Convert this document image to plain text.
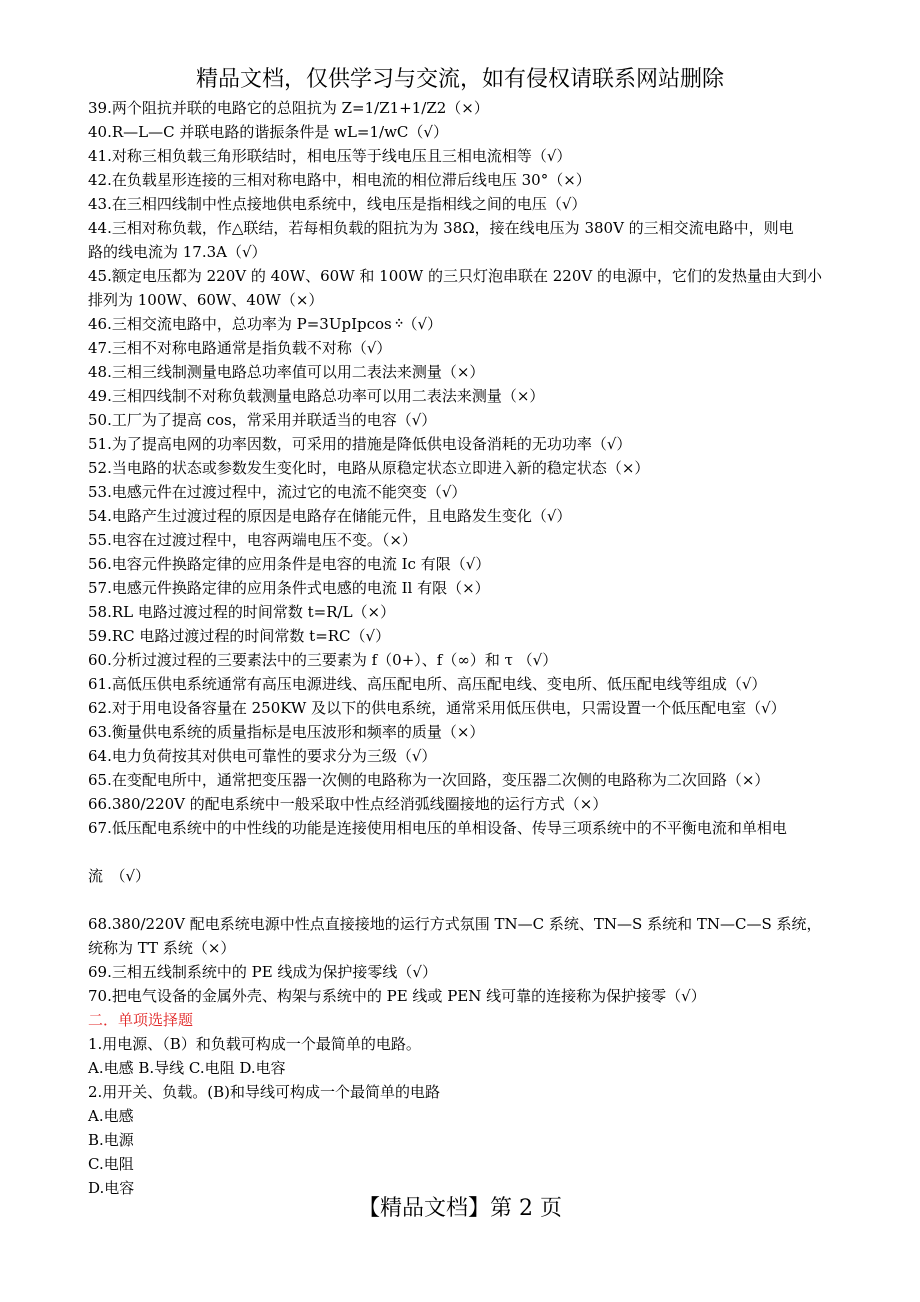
精品文档，仅供学习与交流，如有侵权请联系网站删除
39.两个阻抗并联的电路它的总阻抗为 Z=1/Z1+1/Z2（×）
40.R—L—C 并联电路的谐振条件是 wL=1/wC（√）
41.对称三相负载三角形联结时，相电压等于线电压且三相电流相等（√）
42.在负载星形连接的三相对称电路中，相电流的相位滞后线电压 30°（×）
43.在三相四线制中性点接地供电系统中，线电压是指相线之间的电压（√）
44.三相对称负载，作△联结，若每相负载的阻抗为为 38Ω，接在线电压为 380V 的三相交流电路中，则电
路的线电流为 17.3A（√）
45.额定电压都为 220V 的 40W、60W 和 100W 的三只灯泡串联在 220V 的电源中，它们的发热量由大到小
排列为 100W、60W、40W（×）
46.三相交流电路中，总功率为 P=3UpIpcos᠅（√）
47.三相不对称电路通常是指负载不对称（√）
48.三相三线制测量电路总功率值可以用二表法来测量（×）
49.三相四线制不对称负载测量电路总功率可以用二表法来测量（×）
50.工厂为了提高 cos，常采用并联适当的电容（√）
51.为了提高电网的功率因数，可采用的措施是降低供电设备消耗的无功功率（√）
52.当电路的状态或参数发生变化时，电路从原稳定状态立即进入新的稳定状态（×）
53.电感元件在过渡过程中，流过它的电流不能突变（√）
54.电路产生过渡过程的原因是电路存在储能元件，且电路发生变化（√）
55.电容在过渡过程中，电容两端电压不变。（×）
56.电容元件换路定律的应用条件是电容的电流 Ic 有限（√）
57.电感元件换路定律的应用条件式电感的电流 Il 有限（×）
58.RL 电路过渡过程的时间常数 t=R/L（×）
59.RC 电路过渡过程的时间常数 t=RC（√）
60.分析过渡过程的三要素法中的三要素为 f（0+）、f（∞）和 τ （√）
61.高低压供电系统通常有高压电源进线、高压配电所、高压配电线、变电所、低压配电线等组成（√）
62.对于用电设备容量在 250KW 及以下的供电系统，通常采用低压供电，只需设置一个低压配电室（√）
63.衡量供电系统的质量指标是电压波形和频率的质量（×）
64.电力负荷按其对供电可靠性的要求分为三级（√）
65.在变配电所中，通常把变压器一次侧的电路称为一次回路，变压器二次侧的电路称为二次回路（×）
66.380/220V 的配电系统中一般采取中性点经消弧线圈接地的运行方式（×）
67.低压配电系统中的中性线的功能是连接使用相电压的单相设备、传导三项系统中的不平衡电流和单相电
流　（√）
68.380/220V 配电系统电源中性点直接接地的运行方式氛围 TN—C 系统、TN—S 系统和 TN—C—S 系统，
统称为 TT 系统（×）
69.三相五线制系统中的 PE 线成为保护接零线（√）
70.把电气设备的金属外壳、构架与系统中的 PE 线或 PEN 线可靠的连接称为保护接零（√）
二．单项选择题
1.用电源、（B）和负载可构成一个最简单的电路。
A.电感 B.导线 C.电阻 D.电容
2.用开关、负载。(B)和导线可构成一个最简单的电路
A.电感
B.电源
C.电阻
D.电容
【精品文档】第 2 页
